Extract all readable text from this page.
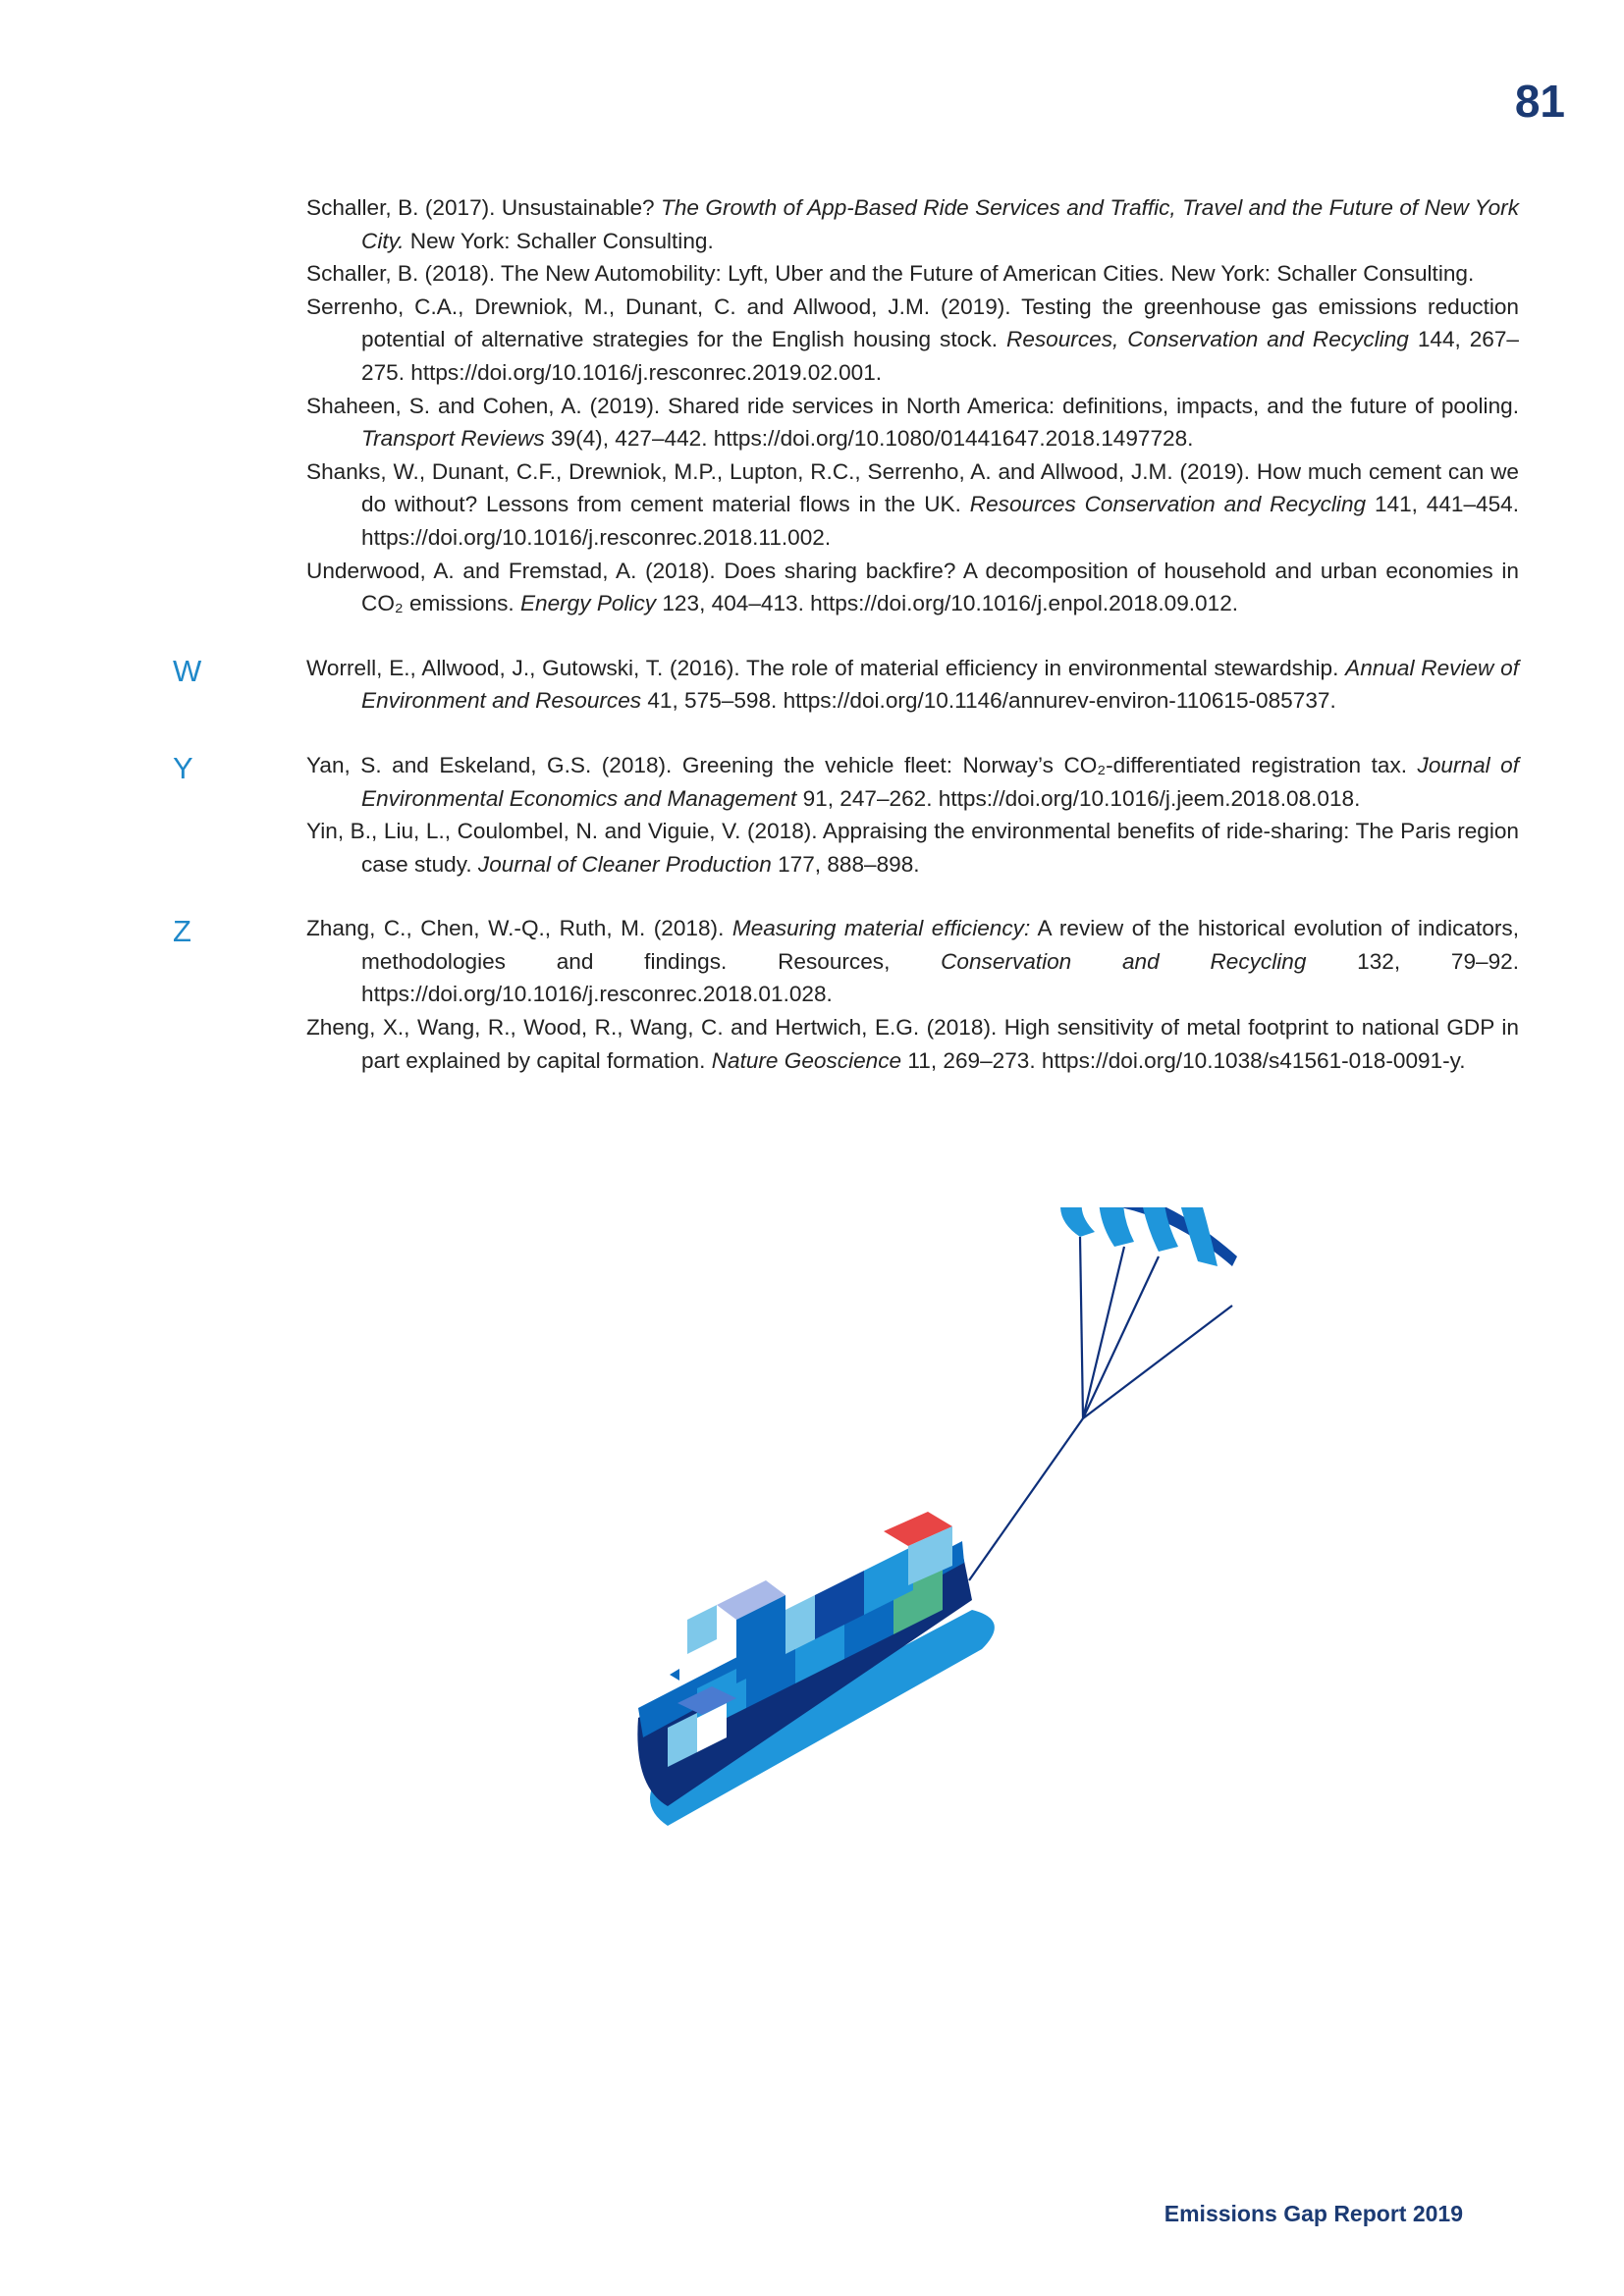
81
Schaller, B. (2017). Unsustainable? The Growth of App-Based Ride Services and Traffic, Travel and the Future of New York City. New York: Schaller Consulting.
Schaller, B. (2018). The New Automobility: Lyft, Uber and the Future of American Cities. New York: Schaller Consulting.
Serrenho, C.A., Drewniok, M., Dunant, C. and Allwood, J.M. (2019). Testing the greenhouse gas emissions reduction potential of alternative strategies for the English housing stock. Resources, Conservation and Recycling 144, 267–275. https://doi.org/10.1016/j.resconrec.2019.02.001.
Shaheen, S. and Cohen, A. (2019). Shared ride services in North America: definitions, impacts, and the future of pooling. Transport Reviews 39(4), 427–442. https://doi.org/10.1080/01441647.2018.1497728.
Shanks, W., Dunant, C.F., Drewniok, M.P., Lupton, R.C., Serrenho, A. and Allwood, J.M. (2019). How much cement can we do without? Lessons from cement material flows in the UK. Resources Conservation and Recycling 141, 441–454. https://doi.org/10.1016/j.resconrec.2018.11.002.
Underwood, A. and Fremstad, A. (2018). Does sharing backfire? A decomposition of household and urban economies in CO₂ emissions. Energy Policy 123, 404–413. https://doi.org/10.1016/j.enpol.2018.09.012.
W	Worrell, E., Allwood, J., Gutowski, T. (2016). The role of material efficiency in environmental stewardship. Annual Review of Environment and Resources 41, 575–598. https://doi.org/10.1146/annurev-environ-110615-085737.
Y	Yan, S. and Eskeland, G.S. (2018). Greening the vehicle fleet: Norway’s CO₂-differentiated registration tax. Journal of Environmental Economics and Management 91, 247–262. https://doi.org/10.1016/j.jeem.2018.08.018.
Yin, B., Liu, L., Coulombel, N. and Viguie, V. (2018). Appraising the environmental benefits of ride-sharing: The Paris region case study. Journal of Cleaner Production 177, 888–898.
Z	Zhang, C., Chen, W.-Q., Ruth, M. (2018). Measuring material efficiency: A review of the historical evolution of indicators, methodologies and findings. Resources, Conservation and Recycling 132, 79–92. https://doi.org/10.1016/j.resconrec.2018.01.028.
Zheng, X., Wang, R., Wood, R., Wang, C. and Hertwich, E.G. (2018). High sensitivity of metal footprint to national GDP in part explained by capital formation. Nature Geoscience 11, 269–273. https://doi.org/10.1038/s41561-018-0091-y.
Emissions Gap Report 2019
